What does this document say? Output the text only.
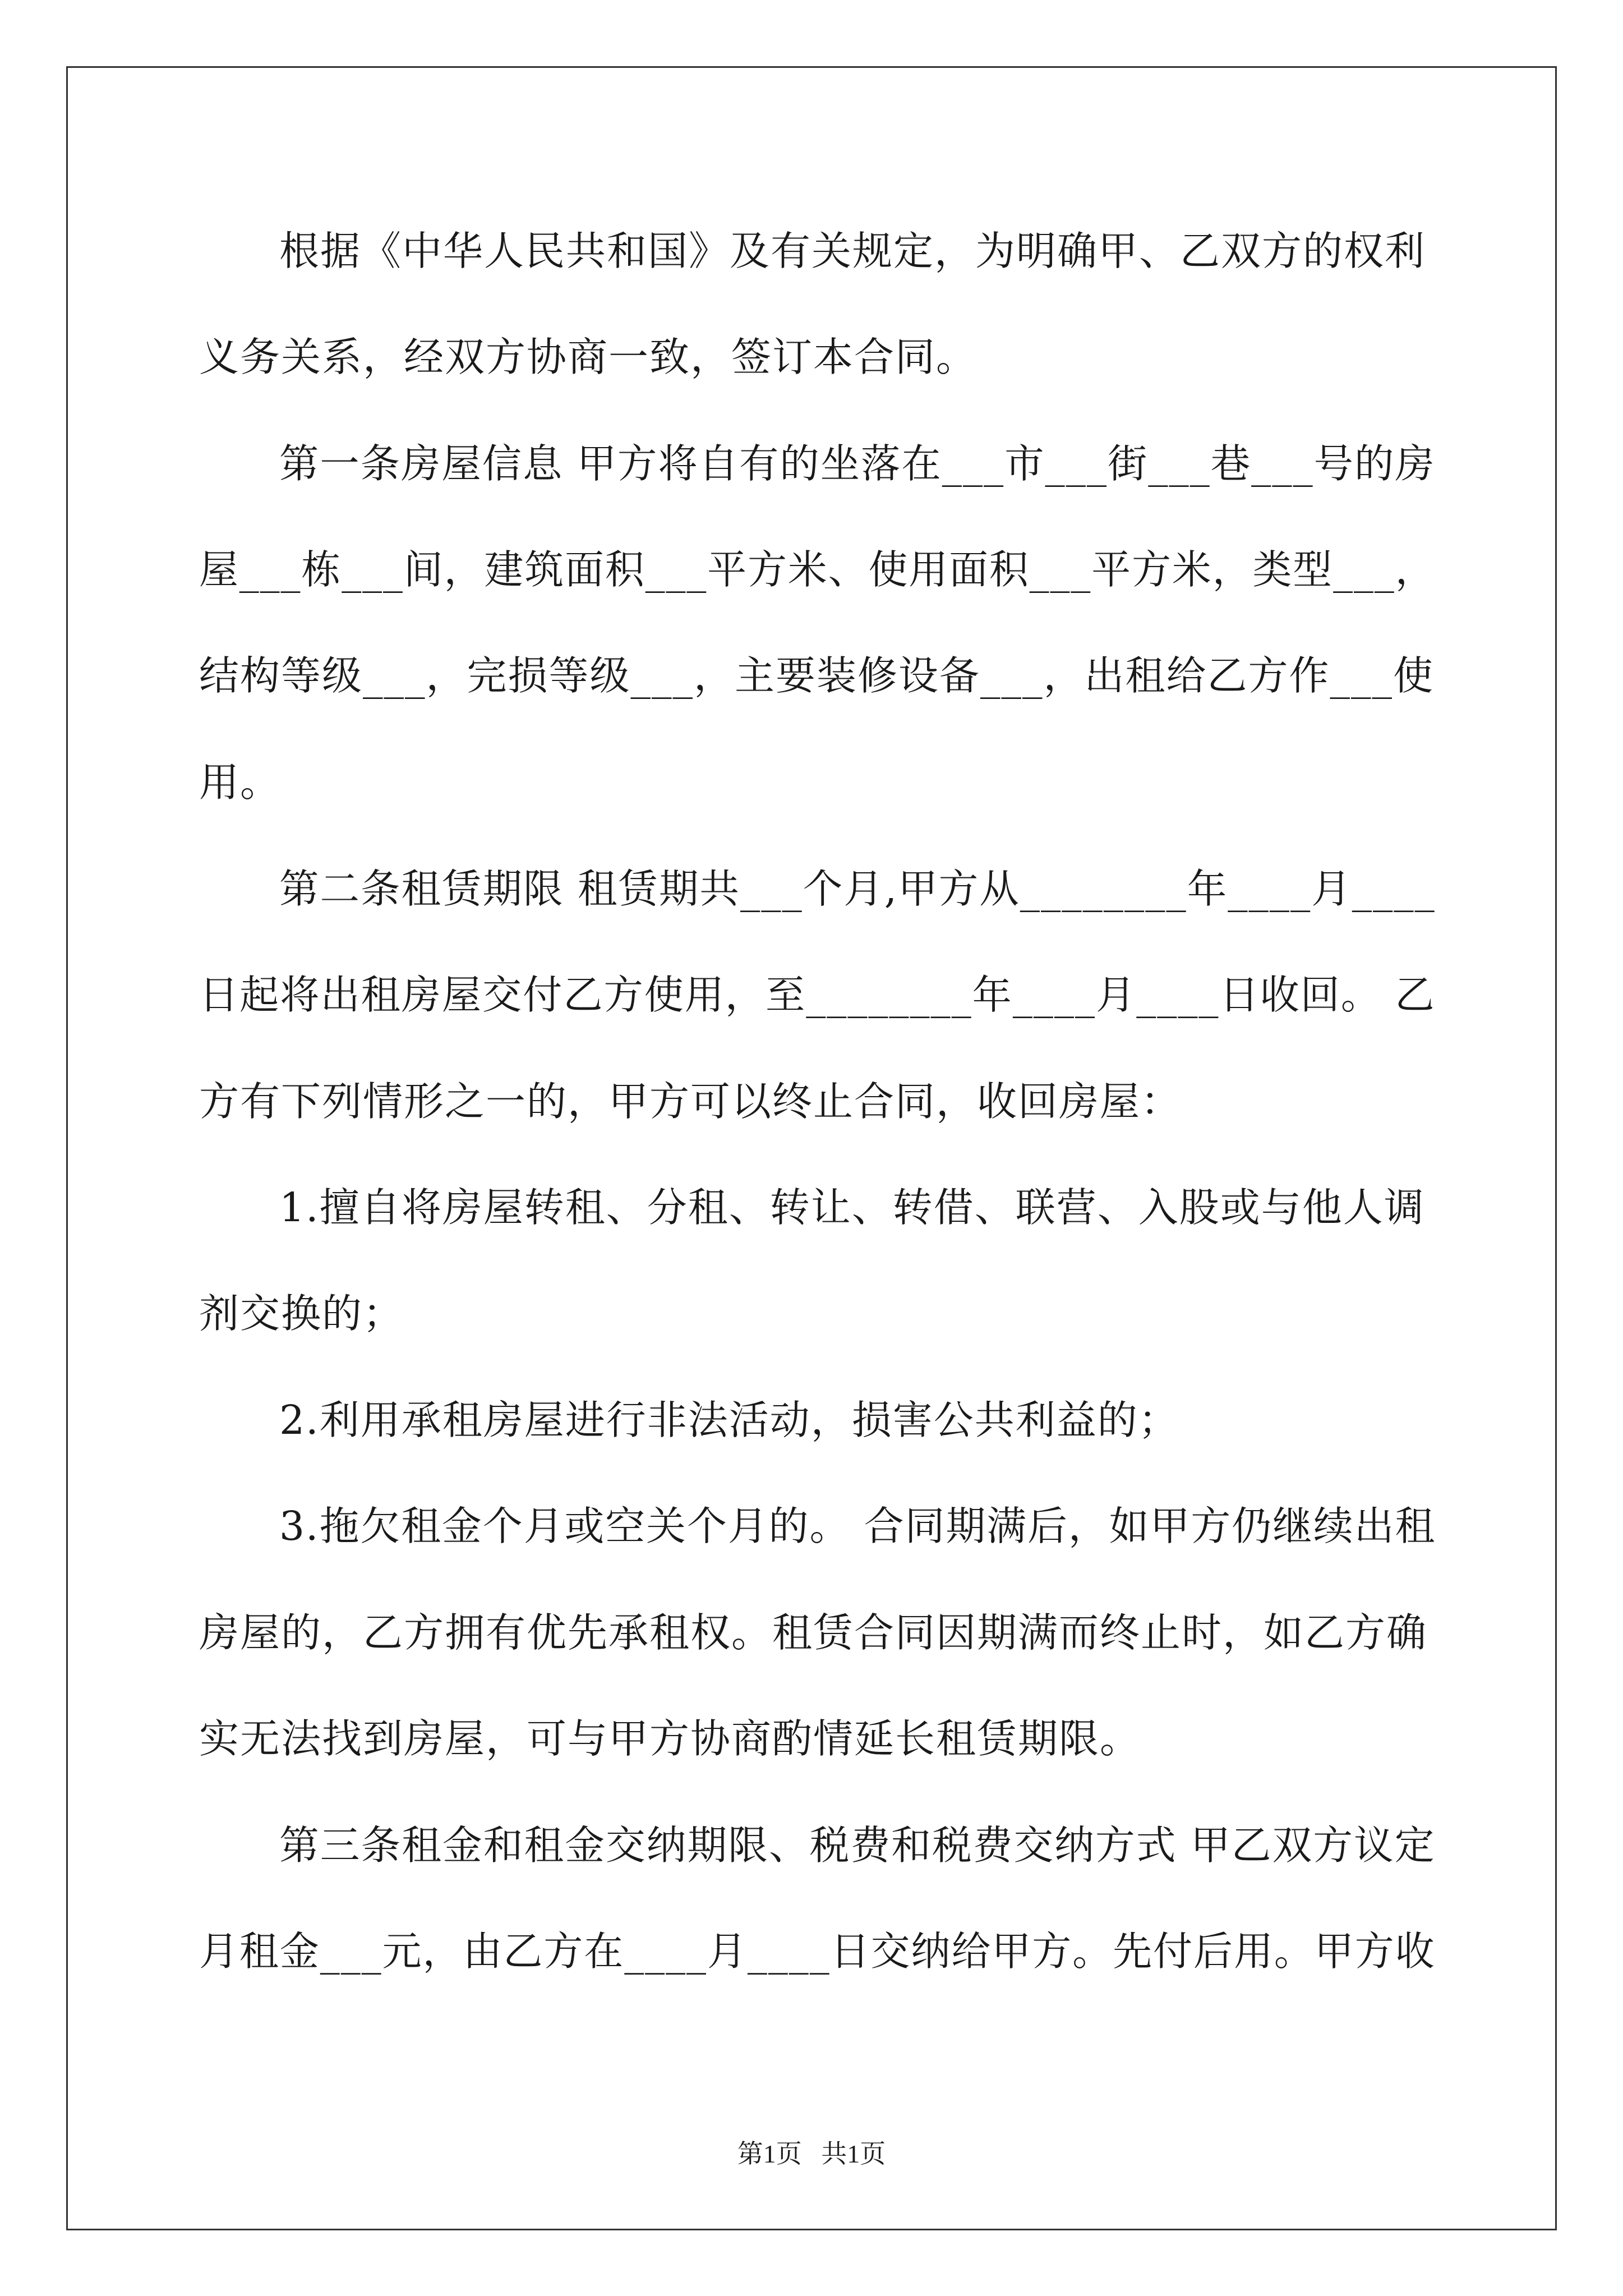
根据《中华人民共和国》及有关规定，为明确甲、乙双方的权利
义务关系，经双方协商一致，签订本合同。
第一条房屋信息 甲方将自有的坐落在___市___街___巷___号的房
屋___栋___间，建筑面积___平方米、使用面积___平方米，类型___，
结构等级___，完损等级___，主要装修设备___，出租给乙方作___使
用。
第二条租赁期限 租赁期共___个月,甲方从________年____月____
日起将出租房屋交付乙方使用，至________年____月____日收回。 乙
方有下列情形之一的，甲方可以终止合同，收回房屋：
1.擅自将房屋转租、分租、转让、转借、联营、入股或与他人调
剂交换的；
2.利用承租房屋进行非法活动，损害公共利益的；
3.拖欠租金个月或空关个月的。 合同期满后，如甲方仍继续出租
房屋的，乙方拥有优先承租权。租赁合同因期满而终止时，如乙方确
实无法找到房屋，可与甲方协商酌情延长租赁期限。
第三条租金和租金交纳期限、税费和税费交纳方式 甲乙双方议定
月租金___元，由乙方在____月____日交纳给甲方。先付后用。甲方收
第1页   共1页
